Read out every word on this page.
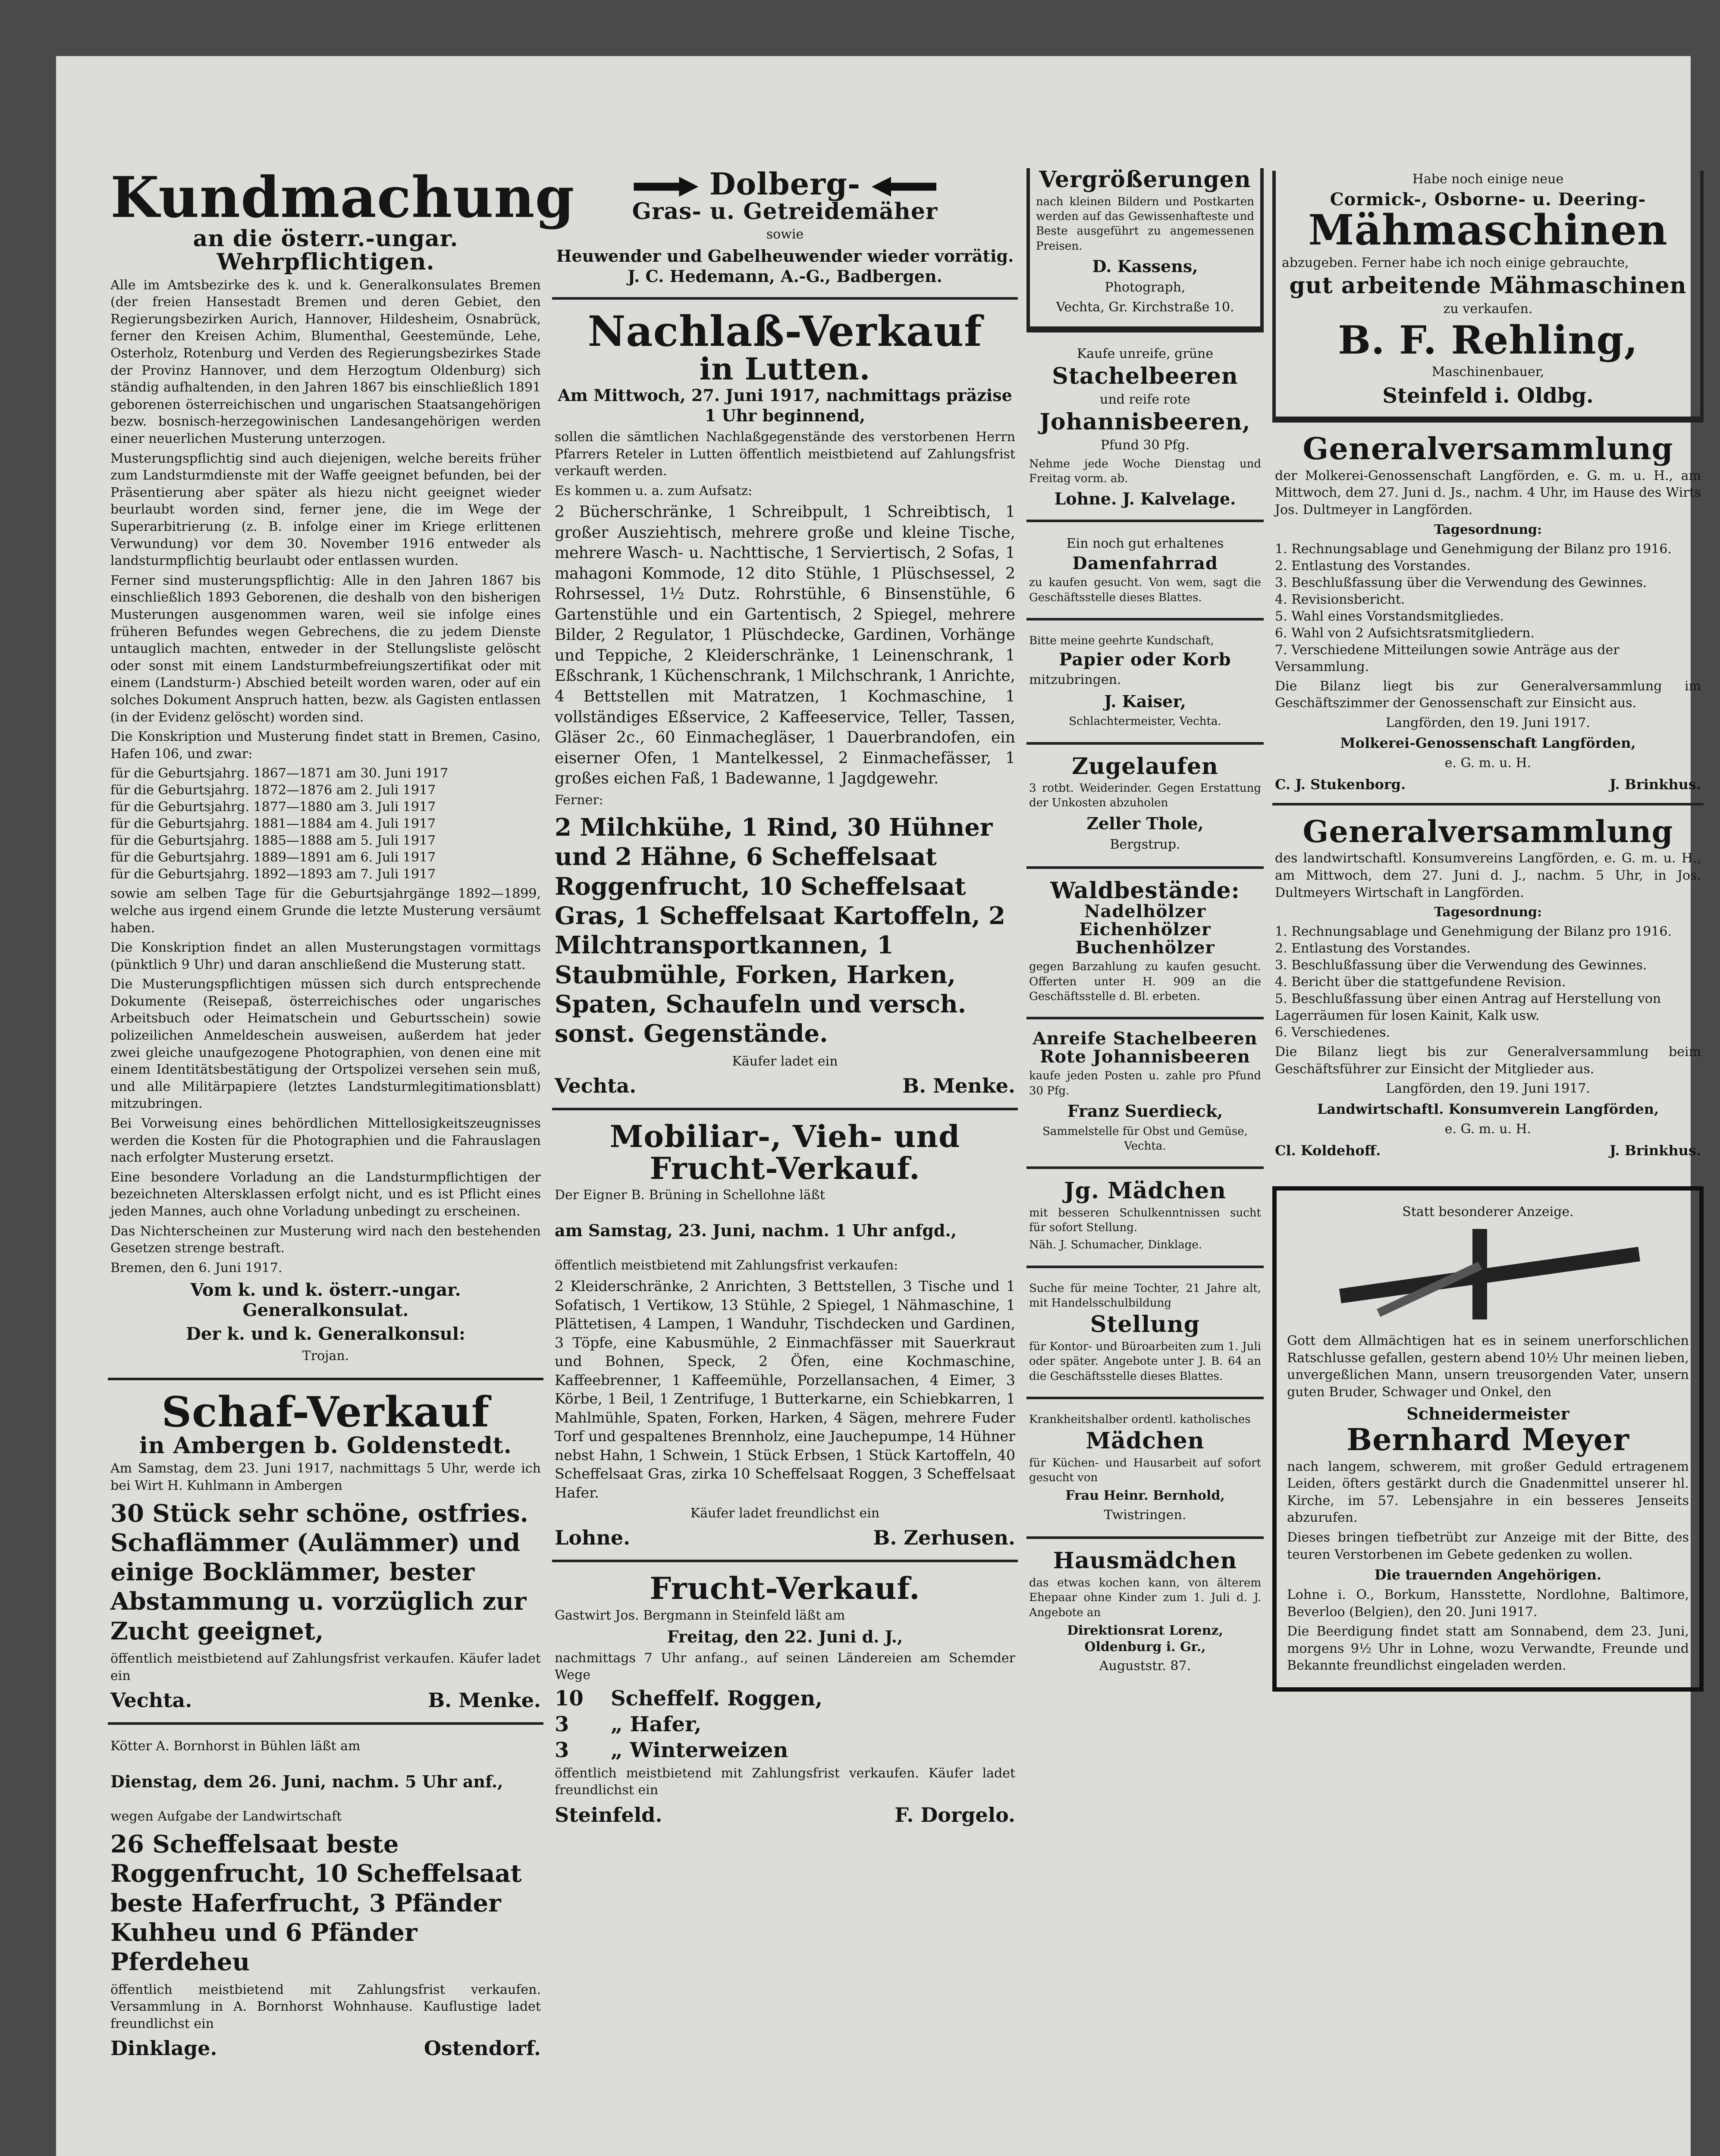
Kundmachung
an die österr.-ungar. Wehrpflichtigen.

Alle im Amtsbezirke des k. und k. Generalkonsulates Bremen (der freien Hansestadt Bremen und deren Gebiet, den Regierungsbezirken Aurich, Hannover, Hildesheim, Osnabrück, ferner den Kreisen Achim, Blumenthal, Geestemünde, Lehe, Osterholz, Rotenburg und Verden des Regierungsbezirkes Stade der Provinz Hannover, und dem Herzogtum Oldenburg) sich ständig aufhaltenden, in den Jahren 1867 bis einschließlich 1891 geborenen österreichischen und ungarischen Staatsangehörigen bezw. bosnisch-herzegowinischen Landesangehörigen werden einer neuerlichen Musterung unterzogen.

Musterungspflichtig sind auch diejenigen, welche bereits früher zum Landsturmdienste mit der Waffe geeignet befunden, bei der Präsentierung aber später als hiezu nicht geeignet wieder beurlaubt worden sind, ferner jene, die im Wege der Superarbitrierung (z. B. infolge einer im Kriege erlittenen Verwundung) vor dem 30. November 1916 entweder als landsturmpflichtig beurlaubt oder entlassen wurden.

Ferner sind musterungspflichtig: Alle in den Jahren 1867 bis einschließlich 1893 Geborenen, die deshalb von den bisherigen Musterungen ausgenommen waren, weil sie infolge eines früheren Befundes wegen Gebrechens, die zu jedem Dienste untauglich machten, entweder in der Stellungsliste gelöscht oder sonst mit einem Landsturmbefreiungszertifikat oder mit einem (Landsturm-) Abschied beteilt worden waren, oder auf ein solches Dokument Anspruch hatten, bezw. als Gagisten entlassen (in der Evidenz gelöscht) worden sind.

Die Konskription und Musterung findet statt in Bremen, Casino, Hafen 106, und zwar:

für die Geburtsjahrg. 1867—1871 am 30. Juni 1917
für die Geburtsjahrg. 1872—1876 am 2. Juli 1917
für die Geburtsjahrg. 1877—1880 am 3. Juli 1917
für die Geburtsjahrg. 1881—1884 am 4. Juli 1917
für die Geburtsjahrg. 1885—1888 am 5. Juli 1917
für die Geburtsjahrg. 1889—1891 am 6. Juli 1917
für die Geburtsjahrg. 1892—1893 am 7. Juli 1917

sowie am selben Tage für die Geburtsjahrgänge 1892—1899, welche aus irgend einem Grunde die letzte Musterung versäumt haben.

Die Konskription findet an allen Musterungstagen vormittags (pünktlich 9 Uhr) und daran anschließend die Musterung statt.

Die Musterungspflichtigen müssen sich durch entsprechende Dokumente (Reisepaß, österreichisches oder ungarisches Arbeitsbuch oder Heimatschein und Geburtsschein) sowie polizeilichen Anmeldeschein ausweisen, außerdem hat jeder zwei gleiche unaufgezogene Photographien, von denen eine mit einem Identitätsbestätigung der Ortspolizei versehen sein muß, und alle Militärpapiere (letztes Landsturmlegitimationsblatt) mitzubringen.

Bei Vorweisung eines behördlichen Mittellosigkeitszeugnisses werden die Kosten für die Photographien und die Fahrauslagen nach erfolgter Musterung ersetzt.

Eine besondere Vorladung an die Landsturmpflichtigen der bezeichneten Altersklassen erfolgt nicht, und es ist Pflicht eines jeden Mannes, auch ohne Vorladung unbedingt zu erscheinen.

Das Nichterscheinen zur Musterung wird nach den bestehenden Gesetzen strenge bestraft.

Bremen, den 6. Juni 1917.

Vom k. und k. österr.-ungar. Generalkonsulat.
Der k. und k. Generalkonsul:
Trojan.
Schaf-Verkauf
in Ambergen b. Goldenstedt.

Am Samstag, dem 23. Juni 1917, nachmittags 5 Uhr, werde ich bei Wirt H. Kuhlmann in Ambergen

30 Stück sehr schöne, ostfries. Schaflämmer (Aulämmer) und einige Bocklämmer, bester Abstammung u. vorzüglich zur Zucht geeignet,

öffentlich meistbietend auf Zahlungsfrist verkaufen. Käufer ladet ein

Vechta.	B. Menke.

Kötter A. Bornhorst in Bühlen läßt am

Dienstag, dem 26. Juni, nachm. 5 Uhr anf.,

wegen Aufgabe der Landwirtschaft

26 Scheffelsaat beste Roggenfrucht, 10 Scheffelsaat beste Haferfrucht, 3 Pfänder Kuhheu und 6 Pfänder Pferdeheu

öffentlich meistbietend mit Zahlungsfrist verkaufen. Versammlung in A. Bornhorst Wohnhause. Kauflustige ladet freundlichst ein

Dinklage.	Ostendorf.
Dolberg-
Gras- u. Getreidemäher
sowie
Heuwender und Gabelheuwender wieder vorrätig.
J. C. Hedemann, A.-G., Badbergen.
Nachlaß-Verkauf
in Lutten.
Am Mittwoch, 27. Juni 1917, nachmittags präzise 1 Uhr beginnend,

sollen die sämtlichen Nachlaßgegenstände des verstorbenen Herrn Pfarrers Reteler in Lutten öffentlich meistbietend auf Zahlungsfrist verkauft werden.

Es kommen u. a. zum Aufsatz:

2 Bücherschränke, 1 Schreibpult, 1 Schreibtisch, 1 großer Ausziehtisch, mehrere große und kleine Tische, mehrere Wasch- u. Nachttische, 1 Serviertisch, 2 Sofas, 1 mahagoni Kommode, 12 dito Stühle, 1 Plüschsessel, 2 Rohrsessel, 1½ Dutz. Rohrstühle, 6 Binsenstühle, 6 Gartenstühle und ein Gartentisch, 2 Spiegel, mehrere Bilder, 2 Regulator, 1 Plüschdecke, Gardinen, Vorhänge und Teppiche, 2 Kleiderschränke, 1 Leinenschrank, 1 Eßschrank, 1 Küchenschrank, 1 Milchschrank, 1 Anrichte, 4 Bettstellen mit Matratzen, 1 Kochmaschine, 1 vollständiges Eßservice, 2 Kaffeeservice, Teller, Tassen, Gläser 2c., 60 Einmachegläser, 1 Dauerbrandofen, ein eiserner Ofen, 1 Mantelkessel, 2 Einmachefässer, 1 großes eichen Faß, 1 Badewanne, 1 Jagdgewehr.

Ferner:

2 Milchkühe, 1 Rind, 30 Hühner und 2 Hähne, 6 Scheffelsaat Roggenfrucht, 10 Scheffelsaat Gras, 1 Scheffelsaat Kartoffeln, 2 Milchtransportkannen, 1 Staubmühle, Forken, Harken, Spaten, Schaufeln und versch. sonst. Gegenstände.

Käufer ladet ein
Vechta.	B. Menke.
Mobiliar-, Vieh- und Frucht-Verkauf.

Der Eigner B. Brüning in Schellohne läßt

am Samstag, 23. Juni, nachm. 1 Uhr anfgd.,

öffentlich meistbietend mit Zahlungsfrist verkaufen:

2 Kleiderschränke, 2 Anrichten, 3 Bettstellen, 3 Tische und 1 Sofatisch, 1 Vertikow, 13 Stühle, 2 Spiegel, 1 Nähmaschine, 1 Plättetisen, 4 Lampen, 1 Wanduhr, Tischdecken und Gardinen, 3 Töpfe, eine Kabusmühle, 2 Einmachfässer mit Sauerkraut und Bohnen, Speck, 2 Öfen, eine Kochmaschine, Kaffeebrenner, 1 Kaffeemühle, Porzellansachen, 4 Eimer, 3 Körbe, 1 Beil, 1 Zentrifuge, 1 Butterkarne, ein Schiebkarren, 1 Mahlmühle, Spaten, Forken, Harken, 4 Sägen, mehrere Fuder Torf und gespaltenes Brennholz, eine Jauchepumpe, 14 Hühner nebst Hahn, 1 Schwein, 1 Stück Erbsen, 1 Stück Kartoffeln, 40 Scheffelsaat Gras, zirka 10 Scheffelsaat Roggen, 3 Scheffelsaat Hafer.

Käufer ladet freundlichst ein
Lohne.	B. Zerhusen.
Frucht-Verkauf.

Gastwirt Jos. Bergmann in Steinfeld läßt am

Freitag, den 22. Juni d. J.,

nachmittags 7 Uhr anfang., auf seinen Ländereien am Schemder Wege

10	Scheffelf. Roggen,
3	„ Hafer,
3	„ Winterweizen

öffentlich meistbietend mit Zahlungsfrist verkaufen. Käufer ladet freundlichst ein

Steinfeld.	F. Dorgelo.
Vergrößerungen

nach kleinen Bildern und Postkarten werden auf das Gewissenhafteste und Beste ausgeführt zu angemessenen Preisen.

D. Kassens,
Photograph,
Vechta, Gr. Kirchstraße 10.
Kaufe unreife, grüne
Stachelbeeren
und reife rote
Johannisbeeren,
Pfund 30 Pfg.

Nehme jede Woche Dienstag und Freitag vorm. ab.

Lohne. J. Kalvelage.
Ein noch gut erhaltenes
Damenfahrrad

zu kaufen gesucht. Von wem, sagt die Geschäftsstelle dieses Blattes.

Bitte meine geehrte Kundschaft,

Papier oder Korb
mitzubringen.
J. Kaiser,
Schlachtermeister, Vechta.
Zugelaufen

3 rotbt. Weiderinder. Gegen Erstattung der Unkosten abzuholen

Zeller Thole,
Bergstrup.
Waldbestände:
Nadelhölzer
Eichenhölzer
Buchenhölzer

gegen Barzahlung zu kaufen gesucht. Offerten unter H. 909 an die Geschäftsstelle d. Bl. erbeten.

Anreife Stachelbeeren Rote Johannisbeeren

kaufe jeden Posten u. zahle pro Pfund 30 Pfg.

Franz Suerdieck,
Sammelstelle für Obst und Gemüse, Vechta.
Jg. Mädchen

mit besseren Schulkenntnissen sucht für sofort Stellung.

Näh. J. Schumacher, Dinklage.

Suche für meine Tochter, 21 Jahre alt, mit Handelsschulbildung

Stellung

für Kontor- und Büroarbeiten zum 1. Juli oder später. Angebote unter J. B. 64 an die Geschäftsstelle dieses Blattes.

Krankheitshalber ordentl. katholisches

Mädchen

für Küchen- und Hausarbeit auf sofort gesucht von

Frau Heinr. Bernhold,
Twistringen.
Hausmädchen

das etwas kochen kann, von älterem Ehepaar ohne Kinder zum 1. Juli d. J. Angebote an

Direktionsrat Lorenz,
Oldenburg i. Gr.,
Auguststr. 87.
Habe noch einige neue
Cormick-, Osborne- u. Deering-
Mähmaschinen

abzugeben. Ferner habe ich noch einige gebrauchte,

gut arbeitende Mähmaschinen
zu verkaufen.
B. F. Rehling,
Maschinenbauer,
Steinfeld i. Oldbg.
Generalversammlung

der Molkerei-Genossenschaft Langförden, e. G. m. u. H., am Mittwoch, dem 27. Juni d. Js., nachm. 4 Uhr, im Hause des Wirts Jos. Dultmeyer in Langförden.

Tagesordnung:
1. Rechnungsablage und Genehmigung der Bilanz pro 1916.
2. Entlastung des Vorstandes.
3. Beschlußfassung über die Verwendung des Gewinnes.
4. Revisionsbericht.
5. Wahl eines Vorstandsmitgliedes.
6. Wahl von 2 Aufsichtsratsmitgliedern.
7. Verschiedene Mitteilungen sowie Anträge aus der Versammlung.

Die Bilanz liegt bis zur Generalversammlung im Geschäftszimmer der Genossenschaft zur Einsicht aus.

Langförden, den 19. Juni 1917.
Molkerei-Genossenschaft Langförden,
e. G. m. u. H.
C. J. Stukenborg.	J. Brinkhus.
Generalversammlung

des landwirtschaftl. Konsumvereins Langförden, e. G. m. u. H., am Mittwoch, dem 27. Juni d. J., nachm. 5 Uhr, in Jos. Dultmeyers Wirtschaft in Langförden.

Tagesordnung:
1. Rechnungsablage und Genehmigung der Bilanz pro 1916.
2. Entlastung des Vorstandes.
3. Beschlußfassung über die Verwendung des Gewinnes.
4. Bericht über die stattgefundene Revision.
5. Beschlußfassung über einen Antrag auf Herstellung von Lagerräumen für losen Kainit, Kalk usw.
6. Verschiedenes.

Die Bilanz liegt bis zur Generalversammlung beim Geschäftsführer zur Einsicht der Mitglieder aus.

Langförden, den 19. Juni 1917.
Landwirtschaftl. Konsumverein Langförden,
e. G. m. u. H.
Cl. Koldehoff.	J. Brinkhus.
Statt besonderer Anzeige.

Gott dem Allmächtigen hat es in seinem unerforschlichen Ratschlusse gefallen, gestern abend 10½ Uhr meinen lieben, unvergeßlichen Mann, unsern treusorgenden Vater, unsern guten Bruder, Schwager und Onkel, den

Schneidermeister
Bernhard Meyer

nach langem, schwerem, mit großer Geduld ertragenem Leiden, öfters gestärkt durch die Gnadenmittel unserer hl. Kirche, im 57. Lebensjahre in ein besseres Jenseits abzurufen.

Dieses bringen tiefbetrübt zur Anzeige mit der Bitte, des teuren Verstorbenen im Gebete gedenken zu wollen.

Die trauernden Angehörigen.

Lohne i. O., Borkum, Hansstette, Nordlohne, Baltimore, Beverloo (Belgien), den 20. Juni 1917.

Die Beerdigung findet statt am Sonnabend, dem 23. Juni, morgens 9½ Uhr in Lohne, wozu Verwandte, Freunde und Bekannte freundlichst eingeladen werden.
